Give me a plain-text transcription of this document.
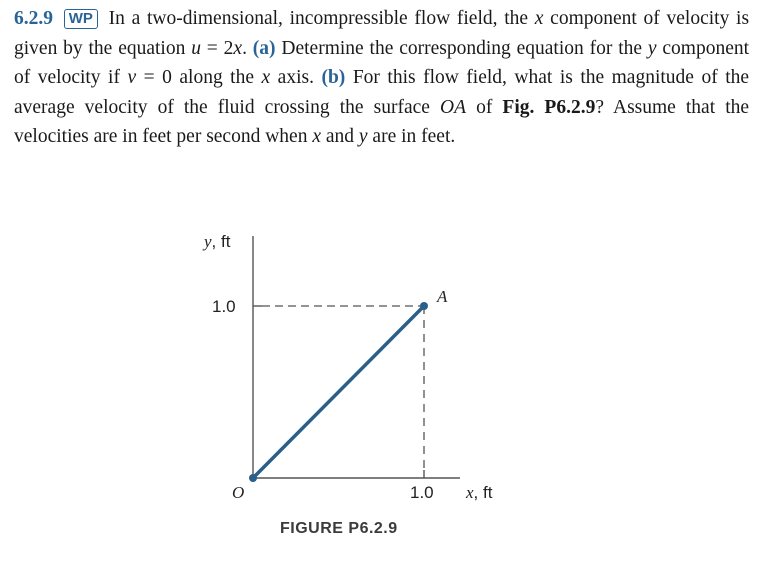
6.2.9 WP In a two-dimensional, incompressible flow field, the x component of velocity is given by the equation u = 2x. (a) Determine the corresponding equation for the y component of velocity if v = 0 along the x axis. (b) For this flow field, what is the magnitude of the average velocity of the fluid crossing the surface OA of Fig. P6.2.9? Assume that the velocities are in feet per second when x and y are in feet.
y, ft
1.0
A
O	1.0 x, ft
FIGURE P6.2.9
